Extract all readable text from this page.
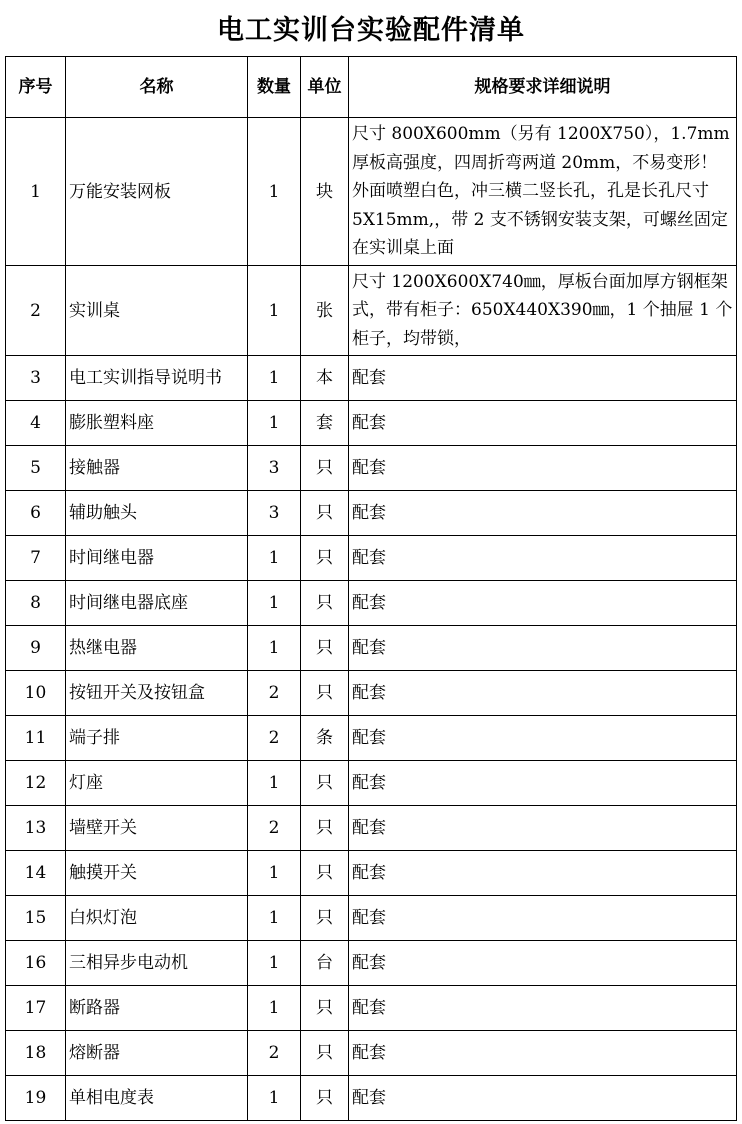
电工实训台实验配件清单
序号	名称	数量	单位	规格要求详细说明
1	万能安装网板	1	块	尺寸 800X600mm（另有 1200X750），1.7mm 厚板高强度，四周折弯两道 20mm，不易变形！外面喷塑白色，冲三横二竖长孔，孔是长孔尺寸 5X15mm,，带 2 支不锈钢安装支架，可螺丝固定在实训桌上面
2	实训桌	1	张	尺寸 1200X600X740㎜，厚板台面加厚方钢框架式，带有柜子：650X440X390㎜，1 个抽屉 1 个柜子，均带锁，
3	电工实训指导说明书	1	本	配套
4	膨胀塑料座	1	套	配套
5	接触器	3	只	配套
6	辅助触头	3	只	配套
7	时间继电器	1	只	配套
8	时间继电器底座	1	只	配套
9	热继电器	1	只	配套
10	按钮开关及按钮盒	2	只	配套
11	端子排	2	条	配套
12	灯座	1	只	配套
13	墙壁开关	2	只	配套
14	触摸开关	1	只	配套
15	白炽灯泡	1	只	配套
16	三相异步电动机	1	台	配套
17	断路器	1	只	配套
18	熔断器	2	只	配套
19	单相电度表	1	只	配套
